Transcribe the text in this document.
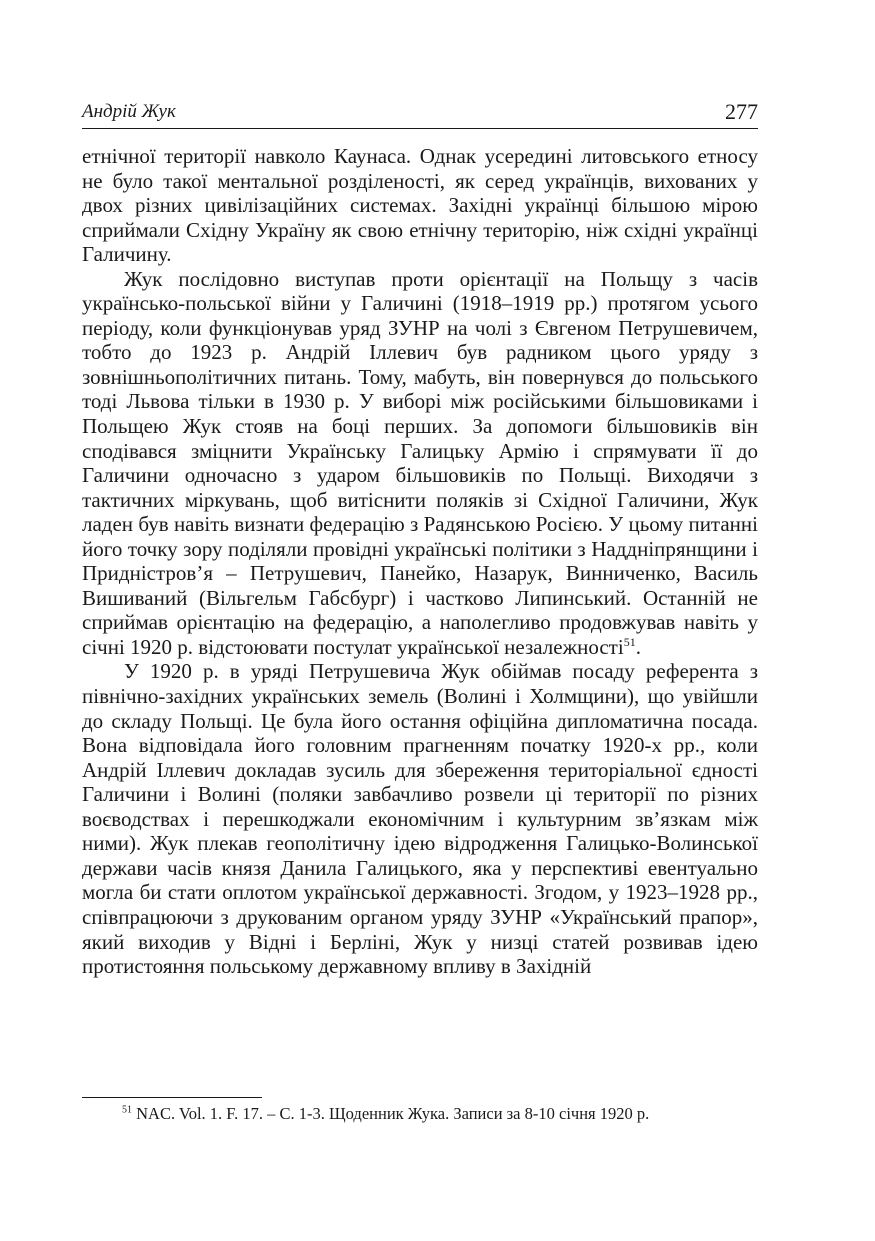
Андрій Жук	277

етнічної території навколо Каунаса. Однак усередині литовського етносу не було такої ментальної розділеності, як серед українців, вихованих у двох різних цивілізаційних системах. Західні українці більшою мірою сприймали Східну Україну як свою етнічну територію, ніж східні українці Галичину.

Жук послідовно виступав проти орієнтації на Польщу з часів українсько-польської війни у Галичині (1918–1919 рр.) протягом усього періоду, коли функціонував уряд ЗУНР на чолі з Євгеном Петрушевичем, тобто до 1923 р. Андрій Іллевич був радником цього уряду з зовнішньополітичних питань. Тому, мабуть, він повернувся до польського тоді Львова тільки в 1930 р. У виборі між російськими більшовиками і Польщею Жук стояв на боці перших. За допомоги більшовиків він сподівався зміцнити Українську Галицьку Армію і спрямувати її до Галичини одночасно з ударом більшовиків по Польщі. Виходячи з тактичних міркувань, щоб витіснити поляків зі Східної Галичини, Жук ладен був навіть визнати федерацію з Радянською Росією. У цьому питанні його точку зору поділяли провідні українські політики з Наддніпрянщини і Придністров’я – Петрушевич, Панейко, Назарук, Винниченко, Василь Вишиваний (Вільгельм Габсбург) і частково Липинський. Останній не сприймав орієнтацію на федерацію, а наполегливо продовжував навіть у січні 1920 р. відстоювати постулат української незалежності$^{51}$.

У 1920 р. в уряді Петрушевича Жук обіймав посаду референта з північно-західних українських земель (Волині і Холмщини), що увійшли до складу Польщі. Це була його остання офіційна дипломатична посада. Вона відповідала його головним прагненням початку 1920-х рр., коли Андрій Іллевич докладав зусиль для збереження територіальної єдності Галичини і Волині (поляки завбачливо розвели ці території по різних воєводствах і перешкоджали економічним і культурним зв’язкам між ними). Жук плекав геополітичну ідею відродження Галицько-Волинської держави часів князя Данила Галицького, яка у перспективі евентуально могла би стати оплотом української державності. Згодом, у 1923–1928 рр., співпрацюючи з друкованим органом уряду ЗУНР «Український прапор», який виходив у Відні і Берліні, Жук у низці статей розвивав ідею протистояння польському державному впливу в Західній

$^{51}$ NAC. Vol. 1. F. 17. – C. 1-3. Щоденник Жука. Записи за 8-10 січня 1920 р.
